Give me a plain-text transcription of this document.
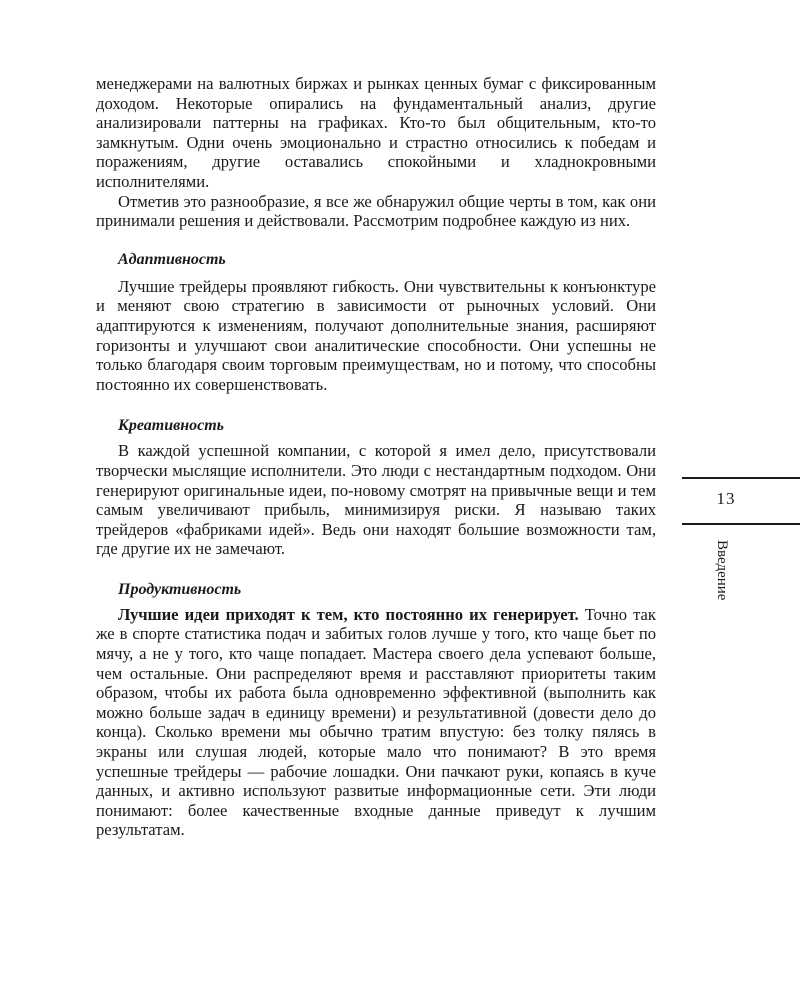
менеджерами на валютных биржах и рынках ценных бумаг с фиксированным доходом. Некоторые опирались на фундаментальный анализ, другие анализировали паттерны на графиках. Кто-то был общительным, кто-то замкнутым. Одни очень эмоционально и страстно относились к победам и поражениям, другие оставались спокойными и хладнокровными исполнителями.

Отметив это разнообразие, я все же обнаружил общие черты в том, как они принимали решения и действовали. Рассмотрим подробнее каждую из них.

Адаптивность

Лучшие трейдеры проявляют гибкость. Они чувствительны к конъюнктуре и меняют свою стратегию в зависимости от рыночных условий. Они адаптируются к изменениям, получают дополнительные знания, расширяют горизонты и улучшают свои аналитические способности. Они успешны не только благодаря своим торговым преимуществам, но и потому, что способны постоянно их совершенствовать.

Креативность

В каждой успешной компании, с которой я имел дело, присутствовали творчески мыслящие исполнители. Это люди с нестандартным подходом. Они генерируют оригинальные идеи, по-новому смотрят на привычные вещи и тем самым увеличивают прибыль, минимизируя риски. Я называю таких трейдеров «фабриками идей». Ведь они находят большие возможности там, где другие их не замечают.

Продуктивность

Лучшие идеи приходят к тем, кто постоянно их генерирует. Точно так же в спорте статистика подач и забитых голов лучше у того, кто чаще бьет по мячу, а не у того, кто чаще попадает. Мастера своего дела успевают больше, чем остальные. Они распределяют время и расставляют приоритеты таким образом, чтобы их работа была одновременно эффективной (выполнить как можно больше задач в единицу времени) и результативной (довести дело до конца). Сколько времени мы обычно тратим впустую: без толку пялясь в экраны или слушая людей, которые мало что понимают? В это время успешные трейдеры — рабочие лошадки. Они пачкают руки, копаясь в куче данных, и активно используют развитые информационные сети. Эти люди понимают: более качественные входные данные приведут к лучшим результатам.

13
Введение
